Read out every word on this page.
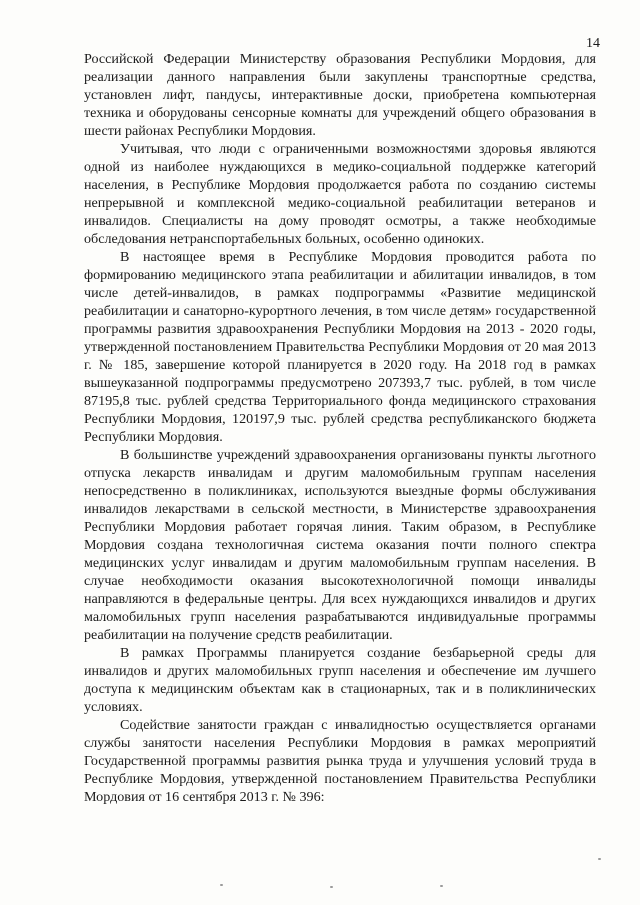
14

Российской Федерации Министерству образования Республики Мордовия, для реализации данного направления были закуплены транспортные средства, установлен лифт, пандусы, интерактивные доски, приобретена компьютерная техника и оборудованы сенсорные комнаты для учреждений общего образования в шести районах Республики Мордовия.

Учитывая, что люди с ограниченными возможностями здоровья являются одной из наиболее нуждающихся в медико-социальной поддержке категорий населения, в Республике Мордовия продолжается работа по созданию системы непрерывной и комплексной медико-социальной реабилитации ветеранов и инвалидов. Специалисты на дому проводят осмотры, а также необходимые обследования нетранспортабельных больных, особенно одиноких.

В настоящее время в Республике Мордовия проводится работа по формированию медицинского этапа реабилитации и абилитации инвалидов, в том числе детей-инвалидов, в рамках подпрограммы «Развитие медицинской реабилитации и санаторно-курортного лечения, в том числе детям» государственной программы развития здравоохранения Республики Мордовия на 2013 - 2020 годы, утвержденной постановлением Правительства Республики Мордовия от 20 мая 2013 г. № 185, завершение которой планируется в 2020 году. На 2018 год в рамках вышеуказанной подпрограммы предусмотрено 207393,7 тыс. рублей, в том числе 87195,8 тыс. рублей средства Территориального фонда медицинского страхования Республики Мордовия, 120197,9 тыс. рублей средства республиканского бюджета Республики Мордовия.

В большинстве учреждений здравоохранения организованы пункты льготного отпуска лекарств инвалидам и другим маломобильным группам населения непосредственно в поликлиниках, используются выездные формы обслуживания инвалидов лекарствами в сельской местности, в Министерстве здравоохранения Республики Мордовия работает горячая линия. Таким образом, в Республике Мордовия создана технологичная система оказания почти полного спектра медицинских услуг инвалидам и другим маломобильным группам населения. В случае необходимости оказания высокотехнологичной помощи инвалиды направляются в федеральные центры. Для всех нуждающихся инвалидов и других маломобильных групп населения разрабатываются индивидуальные программы реабилитации на получение средств реабилитации.

В рамках Программы планируется создание безбарьерной среды для инвалидов и других маломобильных групп населения и обеспечение им лучшего доступа к медицинским объектам как в стационарных, так и в поликлинических условиях.

Содействие занятости граждан с инвалидностью осуществляется органами службы занятости населения Республики Мордовия в рамках мероприятий Государственной программы развития рынка труда и улучшения условий труда в Республике Мордовия, утвержденной постановлением Правительства Республики Мордовия от 16 сентября 2013 г. № 396:
